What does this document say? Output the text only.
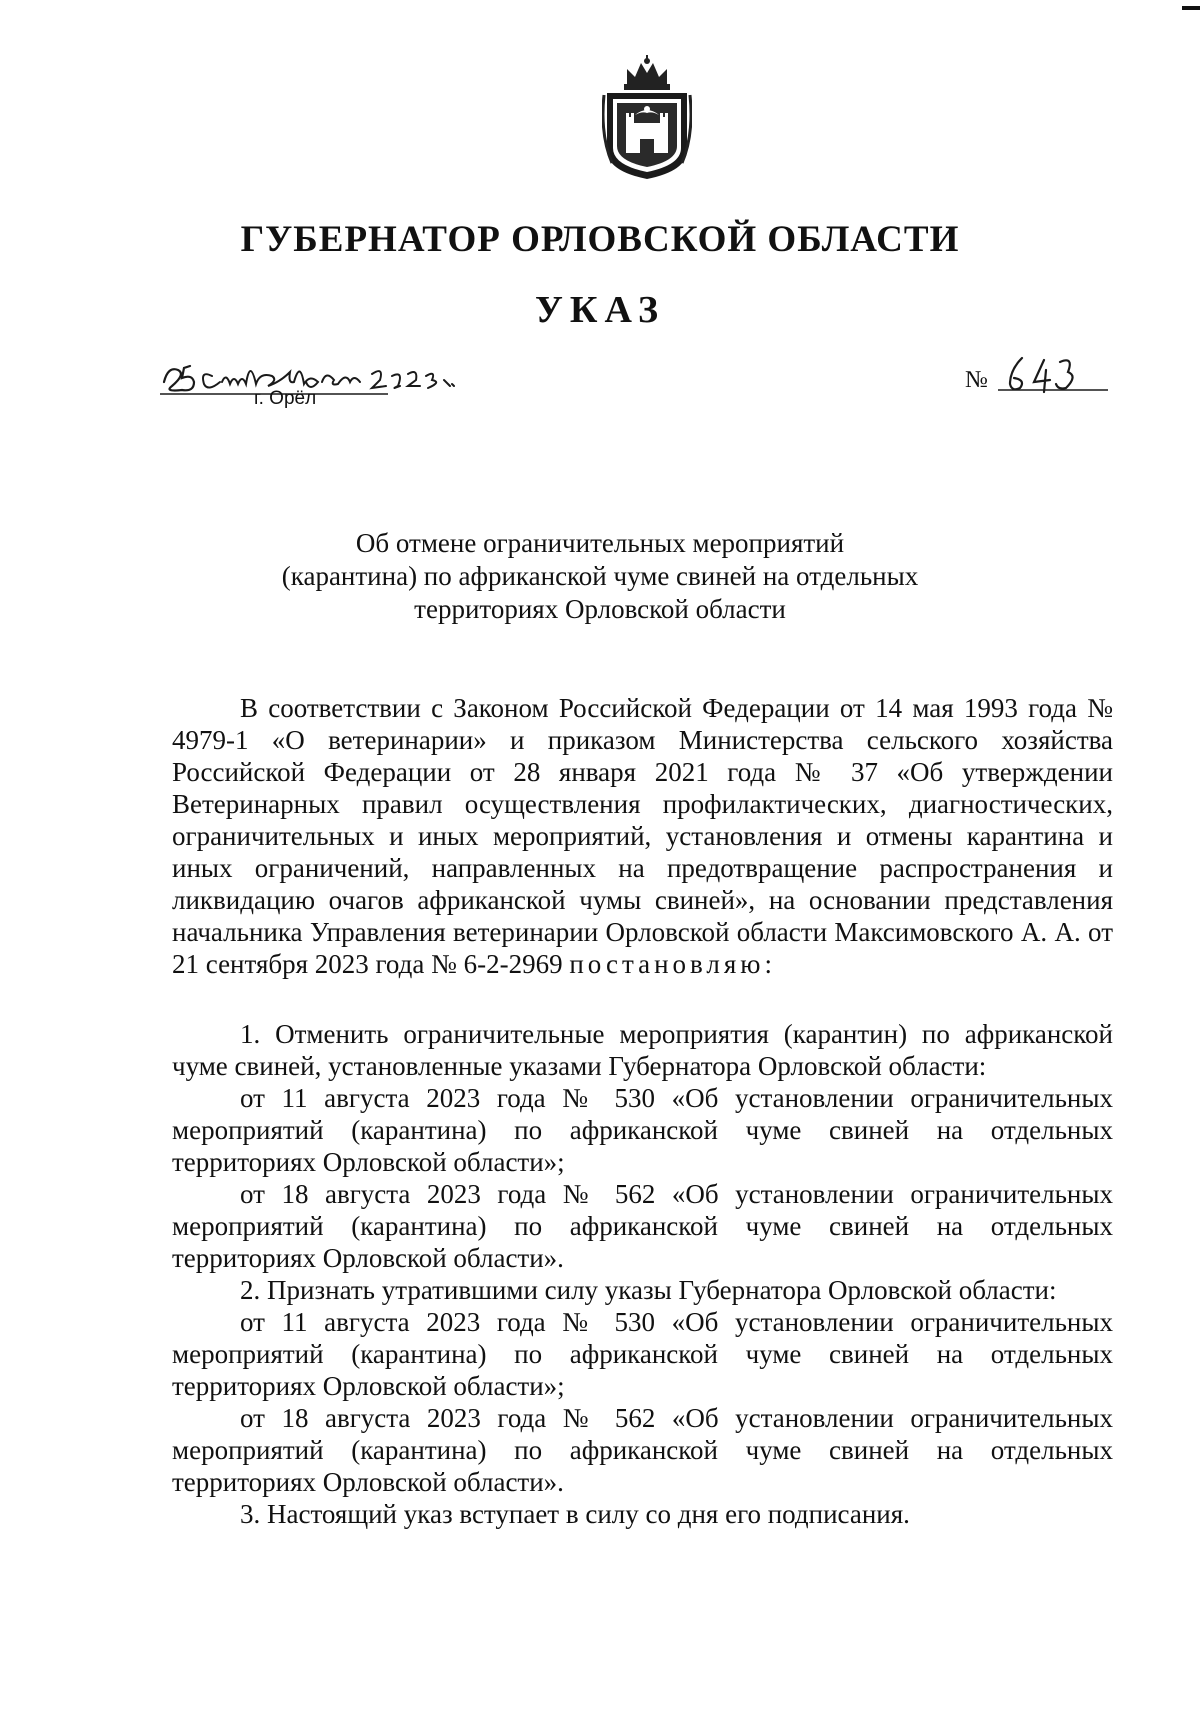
ГУБЕРНАТОР ОРЛОВСКОЙ ОБЛАСТИ
УКАЗ
г. Орёл
№
Об отмене ограничительных мероприятий
(карантина) по африканской чуме свиней на отдельных
территориях Орловской области

В соответствии с Законом Российской Федерации от 14 мая 1993 года № 4979-1 «О ветеринарии» и приказом Министерства сельского хозяйства Российской Федерации от 28 января 2021 года № 37 «Об утверждении Ветеринарных правил осуществления профилактических, диагностических, ограничительных и иных мероприятий, установления и отмены карантина и иных ограничений, направленных на предотвращение распространения и ликвидацию очагов африканской чумы свиней», на основании представления начальника Управления ветеринарии Орловской области Максимовского А. А. от 21 сентября 2023 года № 6-2-2969 постановляю:

1. Отменить ограничительные мероприятия (карантин) по африканской чуме свиней, установленные указами Губернатора Орловской области:

от 11 августа 2023 года № 530 «Об установлении ограничительных мероприятий (карантина) по африканской чуме свиней на отдельных территориях Орловской области»;

от 18 августа 2023 года № 562 «Об установлении ограничительных мероприятий (карантина) по африканской чуме свиней на отдельных территориях Орловской области».

2. Признать утратившими силу указы Губернатора Орловской области:

от 11 августа 2023 года № 530 «Об установлении ограничительных мероприятий (карантина) по африканской чуме свиней на отдельных территориях Орловской области»;

от 18 августа 2023 года № 562 «Об установлении ограничительных мероприятий (карантина) по африканской чуме свиней на отдельных территориях Орловской области».

3. Настоящий указ вступает в силу со дня его подписания.
